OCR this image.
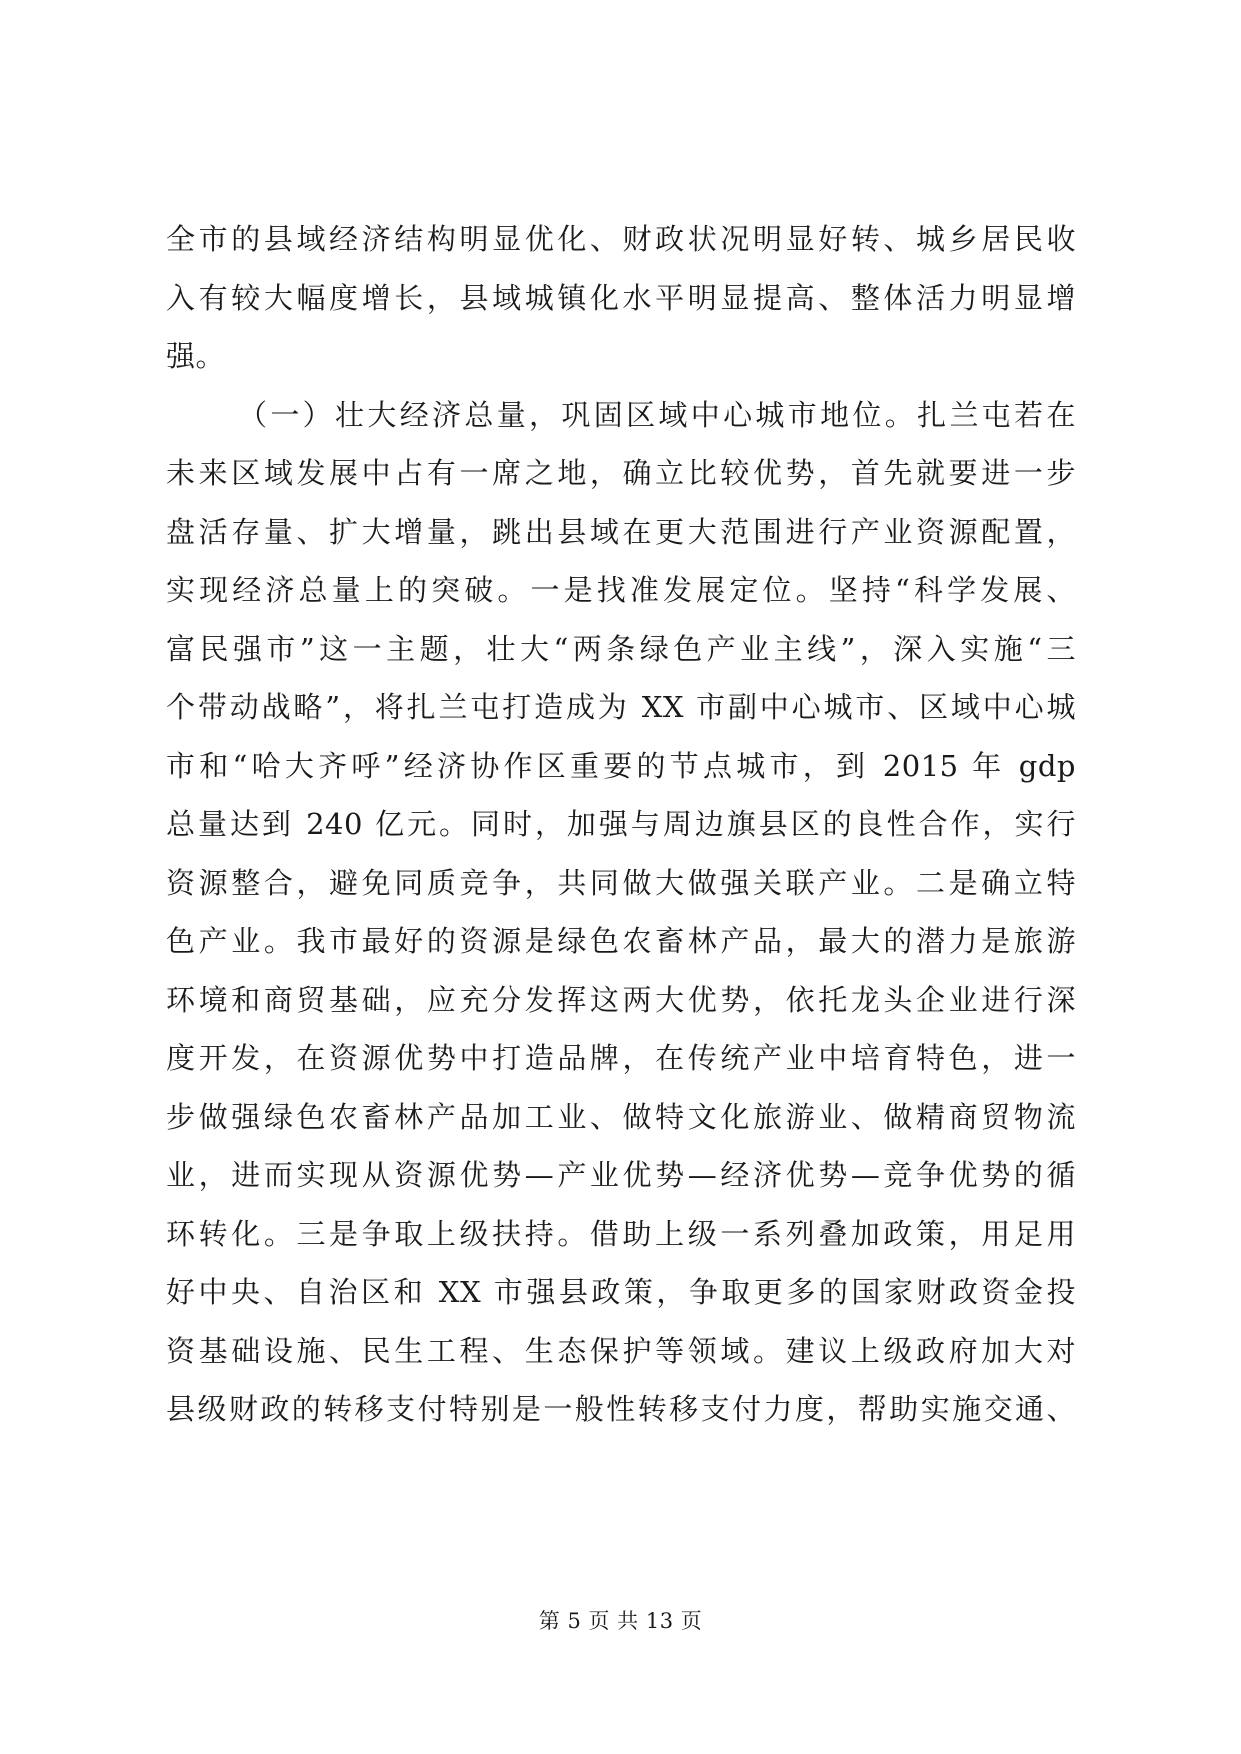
全市的县域经济结构明显优化、财政状况明显好转、城乡居民收
入有较大幅度增长，县域城镇化水平明显提高、整体活力明显增
强。
（一）壮大经济总量，巩固区域中心城市地位。扎兰屯若在
未来区域发展中占有一席之地，确立比较优势，首先就要进一步
盘活存量、扩大增量，跳出县域在更大范围进行产业资源配置，
实现经济总量上的突破。一是找准发展定位。坚持“科学发展、
富民强市”这一主题，壮大“两条绿色产业主线”，深入实施“三
个带动战略”，将扎兰屯打造成为 XX 市副中心城市、区域中心城
市和“哈大齐呼”经济协作区重要的节点城市，到 2015 年 gdp
总量达到 240 亿元。同时，加强与周边旗县区的良性合作，实行
资源整合，避免同质竞争，共同做大做强关联产业。二是确立特
色产业。我市最好的资源是绿色农畜林产品，最大的潜力是旅游
环境和商贸基础，应充分发挥这两大优势，依托龙头企业进行深
度开发，在资源优势中打造品牌，在传统产业中培育特色，进一
步做强绿色农畜林产品加工业、做特文化旅游业、做精商贸物流
业，进而实现从资源优势—产业优势—经济优势—竞争优势的循
环转化。三是争取上级扶持。借助上级一系列叠加政策，用足用
好中央、自治区和 XX 市强县政策，争取更多的国家财政资金投
资基础设施、民生工程、生态保护等领域。建议上级政府加大对
县级财政的转移支付特别是一般性转移支付力度，帮助实施交通、
第 5 页 共 13 页
